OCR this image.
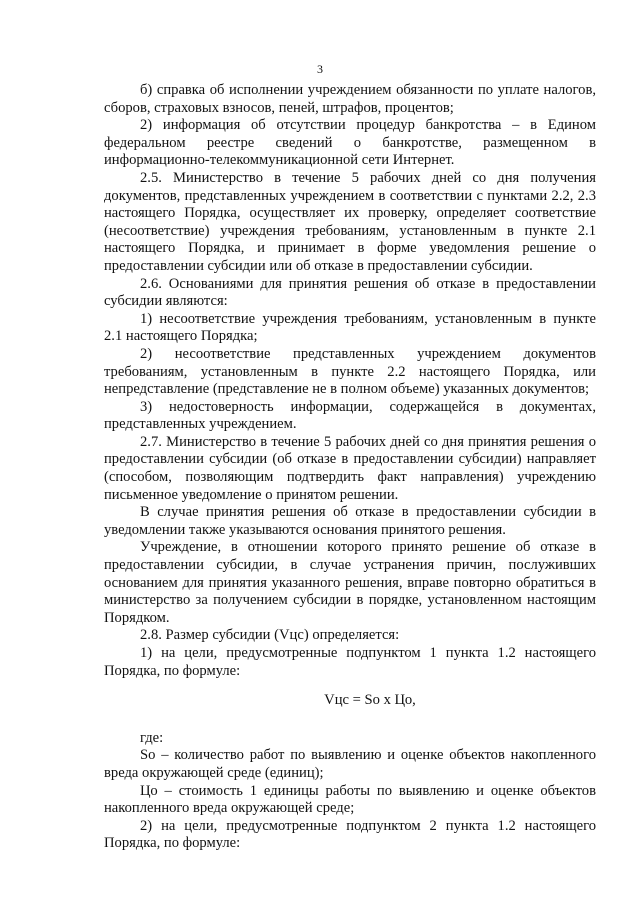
3

б) справка об исполнении учреждением обязанности по уплате налогов, сборов, страховых взносов, пеней, штрафов, процентов;

2) информация об отсутствии процедур банкротства – в Едином федеральном реестре сведений о банкротстве, размещенном в информационно-телекоммуникационной сети Интернет.

2.5. Министерство в течение 5 рабочих дней со дня получения документов, представленных учреждением в соответствии с пунктами 2.2, 2.3 настоящего Порядка, осуществляет их проверку, определяет соответствие (несоответствие) учреждения требованиям, установленным в пункте 2.1 настоящего Порядка, и принимает в форме уведомления решение о предоставлении субсидии или об отказе в предоставлении субсидии.

2.6. Основаниями для принятия решения об отказе в предоставлении субсидии являются:

1) несоответствие учреждения требованиям, установленным в пункте 2.1 настоящего Порядка;

2) несоответствие представленных учреждением документов требованиям, установленным в пункте 2.2 настоящего Порядка, или непредставление (представление не в полном объеме) указанных документов;

3) недостоверность информации, содержащейся в документах, представленных учреждением.

2.7. Министерство в течение 5 рабочих дней со дня принятия решения о предоставлении субсидии (об отказе в предоставлении субсидии) направляет (способом, позволяющим подтвердить факт направления) учреждению письменное уведомление о принятом решении.

В случае принятия решения об отказе в предоставлении субсидии в уведомлении также указываются основания принятого решения.

Учреждение, в отношении которого принято решение об отказе в предоставлении субсидии, в случае устранения причин, послуживших основанием для принятия указанного решения, вправе повторно обратиться в министерство за получением субсидии в порядке, установленном настоящим Порядком.

2.8. Размер субсидии (Vцс) определяется:

1) на цели, предусмотренные подпунктом 1 пункта 1.2 настоящего Порядка, по формуле:

Vцс = Sо х Цо,

где:

Sо – количество работ по выявлению и оценке объектов накопленного вреда окружающей среде (единиц);

Цо – стоимость 1 единицы работы по выявлению и оценке объектов накопленного вреда окружающей среде;

2) на цели, предусмотренные подпунктом 2 пункта 1.2 настоящего Порядка, по формуле:
